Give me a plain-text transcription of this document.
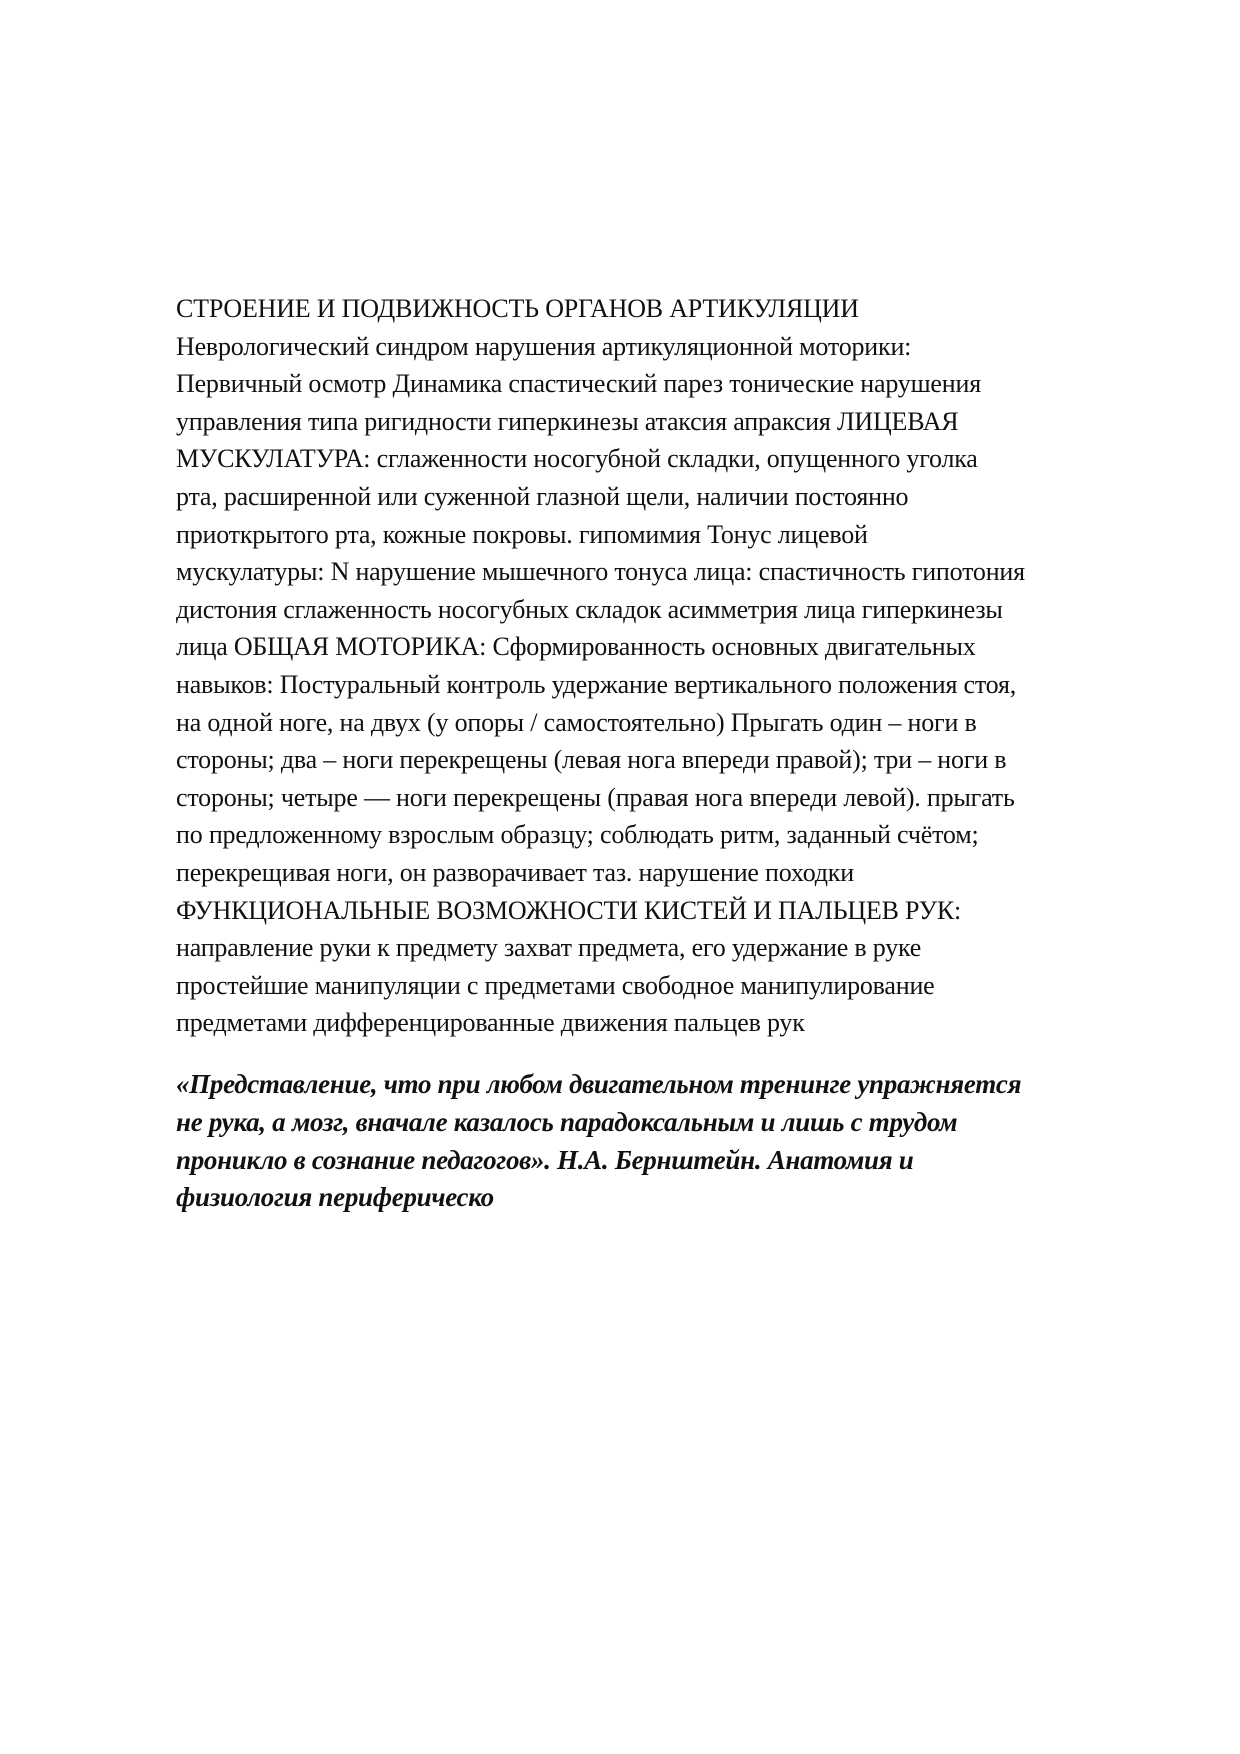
СТРОЕНИЕ И ПОДВИЖНОСТЬ ОРГАНОВ АРТИКУЛЯЦИИ
Неврологический синдром нарушения артикуляционной моторики:
Первичный осмотр Динамика спастический парез тонические нарушения
управления типа ригидности гиперкинезы атаксия апраксия ЛИЦЕВАЯ
МУСКУЛАТУРА: сглаженности носогубной складки, опущенного уголка
рта, расширенной или суженной глазной щели, наличии постоянно
приоткрытого рта, кожные покровы. гипомимия Тонус лицевой
мускулатуры: N нарушение мышечного тонуса лица: спастичность гипотония
дистония сглаженность носогубных складок асимметрия лица гиперкинезы
лица ОБЩАЯ МОТОРИКА: Сформированность основных двигательных
навыков: Постуральный контроль удержание вертикального положения стоя,
на одной ноге, на двух (у опоры / самостоятельно) Прыгать один – ноги в
стороны; два – ноги перекрещены (левая нога впереди правой); три – ноги в
стороны; четыре — ноги перекрещены (правая нога впереди левой). прыгать
по предложенному взрослым образцу; соблюдать ритм, заданный счётом;
перекрещивая ноги, он разворачивает таз. нарушение походки
ФУНКЦИОНАЛЬНЫЕ ВОЗМОЖНОСТИ КИСТЕЙ И ПАЛЬЦЕВ РУК:
направление руки к предмету захват предмета, его удержание в руке
простейшие манипуляции с предметами свободное манипулирование
предметами дифференцированные движения пальцев рук
«Представление, что при любом двигательном тренинге упражняется
не рука, а мозг, вначале казалось парадоксальным и лишь с трудом
проникло в сознание педагогов». Н.А. Бернштейн. Анатомия и
физиология периферическо
